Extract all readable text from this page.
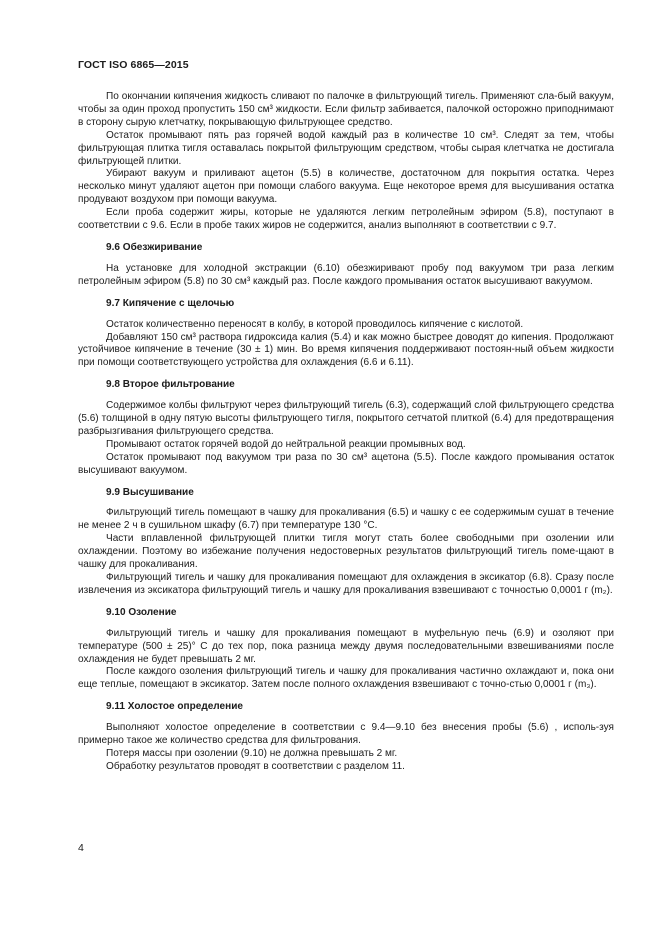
ГОСТ ISO 6865—2015

По окончании кипячения жидкость сливают по палочке в фильтрующий тигель. Применяют сла-бый вакуум, чтобы за один проход пропустить 150 см³ жидкости. Если фильтр забивается, палочкой осторожно приподнимают в сторону сырую клетчатку, покрывающую фильтрующее средство.

Остаток промывают пять раз горячей водой каждый раз в количестве 10 см³. Следят за тем, чтобы фильтрующая плитка тигля оставалась покрытой фильтрующим средством, чтобы сырая клетчатка не достигала фильтрующей плитки.

Убирают вакуум и приливают ацетон (5.5) в количестве, достаточном для покрытия остатка. Через несколько минут удаляют ацетон при помощи слабого вакуума. Еще некоторое время для высушивания остатка продувают воздухом при помощи вакуума.

Если проба содержит жиры, которые не удаляются легким петролейным эфиром (5.8), поступают в соответствии с 9.6. Если в пробе таких жиров не содержится, анализ выполняют в соответствии с 9.7.

9.6 Обезжиривание

На установке для холодной экстракции (6.10) обезжиривают пробу под вакуумом три раза легким петролейным эфиром (5.8) по 30 см³ каждый раз. После каждого промывания остаток высушивают вакуумом.

9.7 Кипячение с щелочью

Остаток количественно переносят в колбу, в которой проводилось кипячение с кислотой.

Добавляют 150 см³ раствора гидроксида калия (5.4) и как можно быстрее доводят до кипения. Продолжают устойчивое кипячение в течение (30 ± 1) мин. Во время кипячения поддерживают постоян-ный объем жидкости при помощи соответствующего устройства для охлаждения (6.6 и 6.11).

9.8 Второе фильтрование

Содержимое колбы фильтруют через фильтрующий тигель (6.3), содержащий слой фильтрующего средства (5.6) толщиной в одну пятую высоты фильтрующего тигля, покрытого сетчатой плиткой (6.4) для предотвращения разбрызгивания фильтрующего средства.

Промывают остаток горячей водой до нейтральной реакции промывных вод.

Остаток промывают под вакуумом три раза по 30 см³ ацетона (5.5). После каждого промывания остаток высушивают вакуумом.

9.9 Высушивание

Фильтрующий тигель помещают в чашку для прокаливания (6.5) и чашку с ее содержимым сушат в течение не менее 2 ч в сушильном шкафу (6.7) при температуре 130 °С.

Части вплавленной фильтрующей плитки тигля могут стать более свободными при озолении или охлаждении. Поэтому во избежание получения недостоверных результатов фильтрующий тигель поме-щают в чашку для прокаливания.

Фильтрующий тигель и чашку для прокаливания помещают для охлаждения в эксикатор (6.8). Сразу после извлечения из эксикатора фильтрующий тигель и чашку для прокаливания взвешивают с точностью 0,0001 г (m₂).

9.10 Озоление

Фильтрующий тигель и чашку для прокаливания помещают в муфельную печь (6.9) и озоляют при температуре (500 ± 25)° С до тех пор, пока разница между двумя последовательными взвешиваниями после охлаждения не будет превышать 2 мг.

После каждого озоления фильтрующий тигель и чашку для прокаливания частично охлаждают и, пока они еще теплые, помещают в эксикатор. Затем после полного охлаждения взвешивают с точно-стью 0,0001 г (m₃).

9.11 Холостое определение

Выполняют холостое определение в соответствии с 9.4—9.10 без внесения пробы (5.6) , исполь-зуя примерно такое же количество средства для фильтрования.

Потеря массы при озолении (9.10) не должна превышать 2 мг.

Обработку результатов проводят в соответствии с разделом 11.

4
